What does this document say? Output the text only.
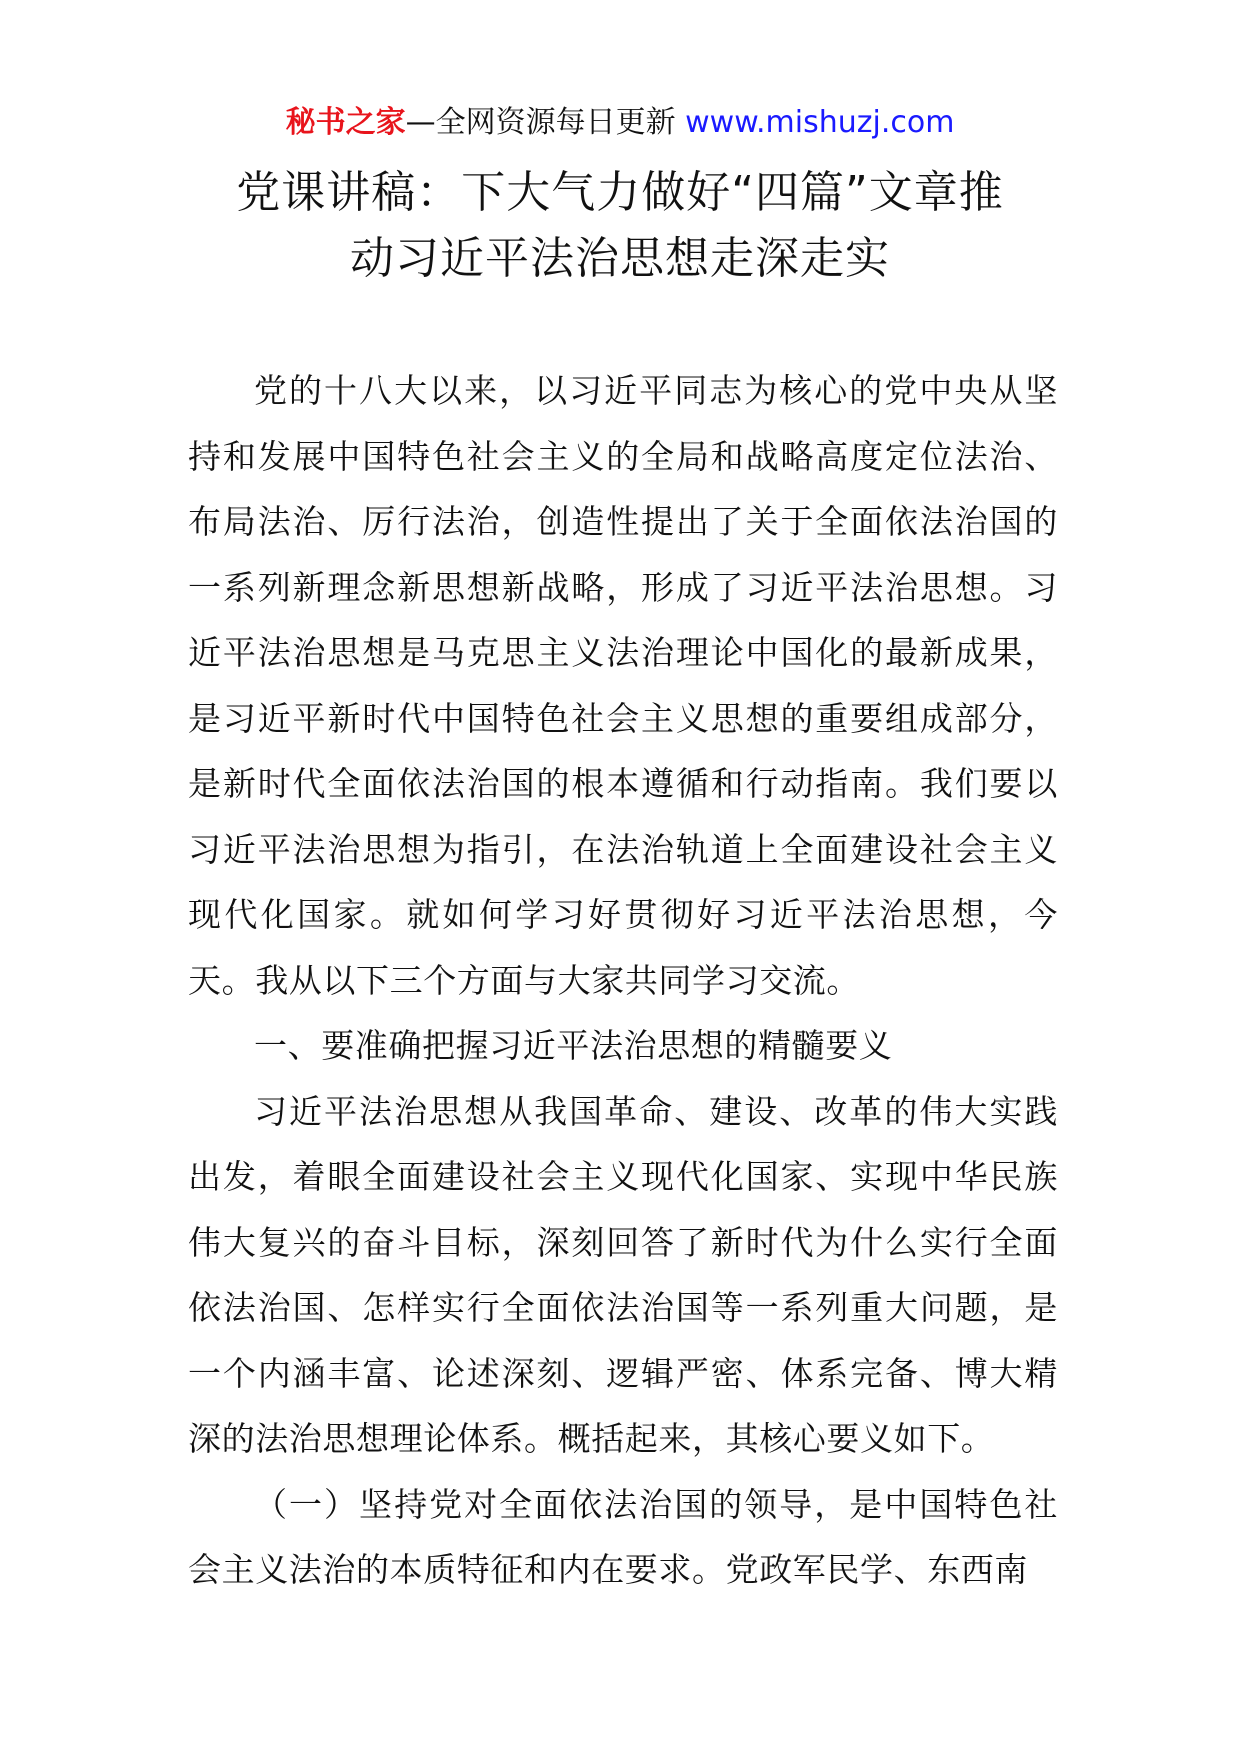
秘书之家—全网资源每日更新 www.mishuzj.com
党课讲稿：下大气力做好“四篇”文章推
动习近平法治思想走深走实

党的十八大以来，以习近平同志为核心的党中央从坚持和发展中国特色社会主义的全局和战略高度定位法治、布局法治、厉行法治，创造性提出了关于全面依法治国的一系列新理念新思想新战略，形成了习近平法治思想。习近平法治思想是马克思主义法治理论中国化的最新成果，是习近平新时代中国特色社会主义思想的重要组成部分，是新时代全面依法治国的根本遵循和行动指南。我们要以习近平法治思想为指引，在法治轨道上全面建设社会主义现代化国家。就如何学习好贯彻好习近平法治思想，今天。我从以下三个方面与大家共同学习交流。

一、要准确把握习近平法治思想的精髓要义

习近平法治思想从我国革命、建设、改革的伟大实践出发，着眼全面建设社会主义现代化国家、实现中华民族伟大复兴的奋斗目标，深刻回答了新时代为什么实行全面依法治国、怎样实行全面依法治国等一系列重大问题，是一个内涵丰富、论述深刻、逻辑严密、体系完备、博大精深的法治思想理论体系。概括起来，其核心要义如下。

（一）坚持党对全面依法治国的领导，是中国特色社会主义法治的本质特征和内在要求。党政军民学、东西南
